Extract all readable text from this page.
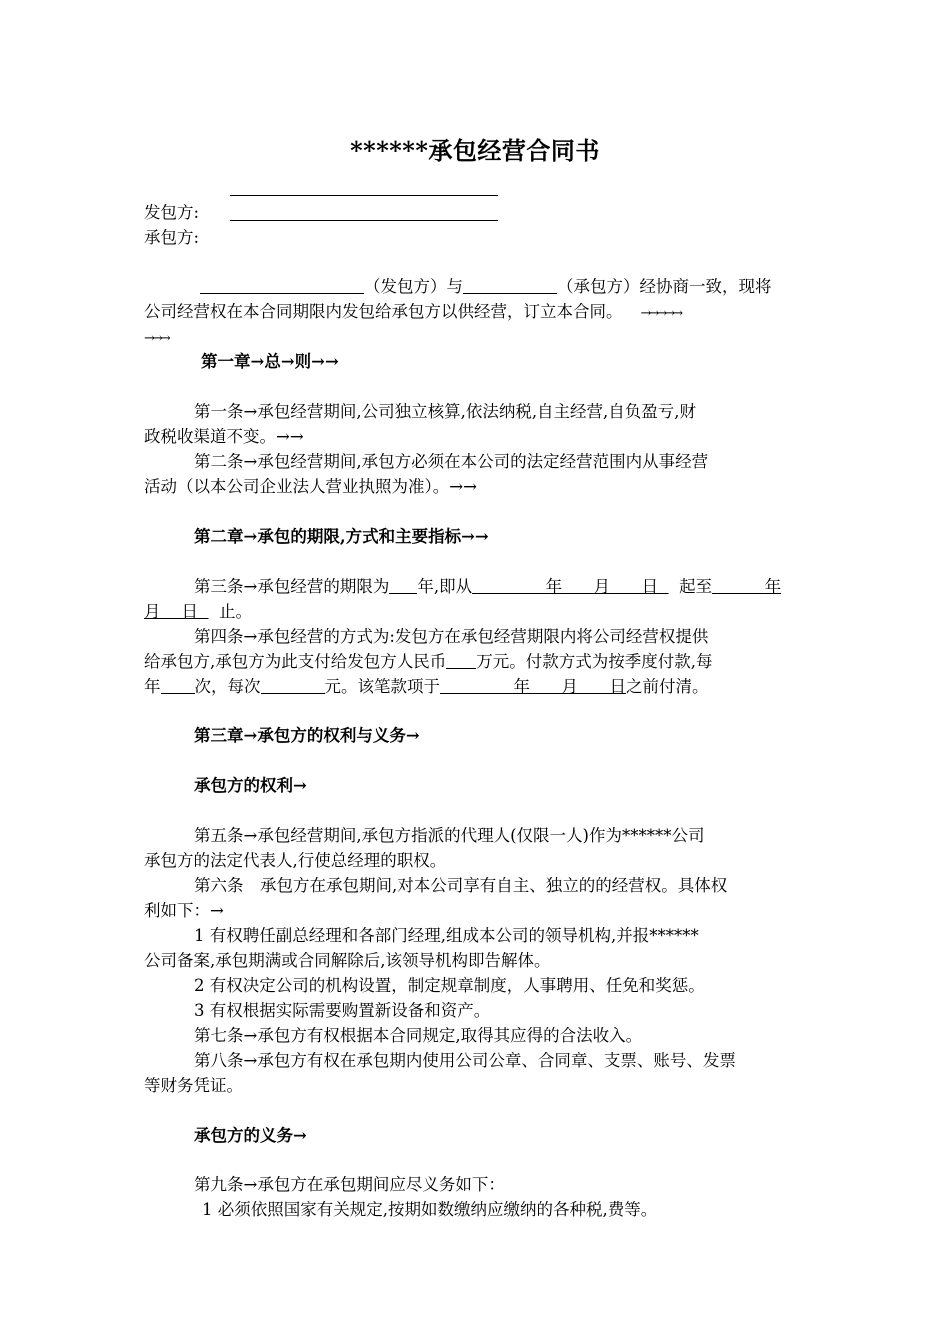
******承包经营合同书
发包方:
承包方:
（发包方）与	（承包方）经协商一致，现将
公司经营权在本合同期限内发包给承包方以供经营，订立本合同。 →→→→→
→→→
第一章→总→则→→
第一条→承包经营期间,公司独立核算,依法纳税,自主经营,自负盈亏,财
政税收渠道不变。→→
第二条→承包经营期间,承包方必须在本公司的法定经营范围内从事经营
活动（以本公司企业法人营业执照为准）。→→
第二章→承包的期限,方式和主要指标→→
第三条→承包经营的期限为 年,即从       	年    月    日   起至     	年
月   日   止。
第四条→承包经营的方式为:发包方在承包经营期限内将公司经营权提供
给承包方,承包方为此支付给发包方人民币 万元。付款方式为按季度付款,每
年 次，每次	元。该笔款项于       	年    月    日之前付清。
第三章→承包方的权利与义务→
承包方的权利→
第五条→承包经营期间,承包方指派的代理人(仅限一人)作为******公司
承包方的法定代表人,行使总经理的职权。
第六条　承包方在承包期间,对本公司享有自主、独立的的经营权。具体权
利如下：→
1 有权聘任副总经理和各部门经理,组成本公司的领导机构,并报******
公司备案,承包期满或合同解除后,该领导机构即告解体。
2 有权决定公司的机构设置，制定规章制度，人事聘用、任免和奖惩。
3 有权根据实际需要购置新设备和资产。
第七条→承包方有权根据本合同规定,取得其应得的合法收入。
第八条→承包方有权在承包期内使用公司公章、合同章、支票、账号、发票
等财务凭证。
承包方的义务→
第九条→承包方在承包期间应尽义务如下：
1 必须依照国家有关规定,按期如数缴纳应缴纳的各种税,费等。
